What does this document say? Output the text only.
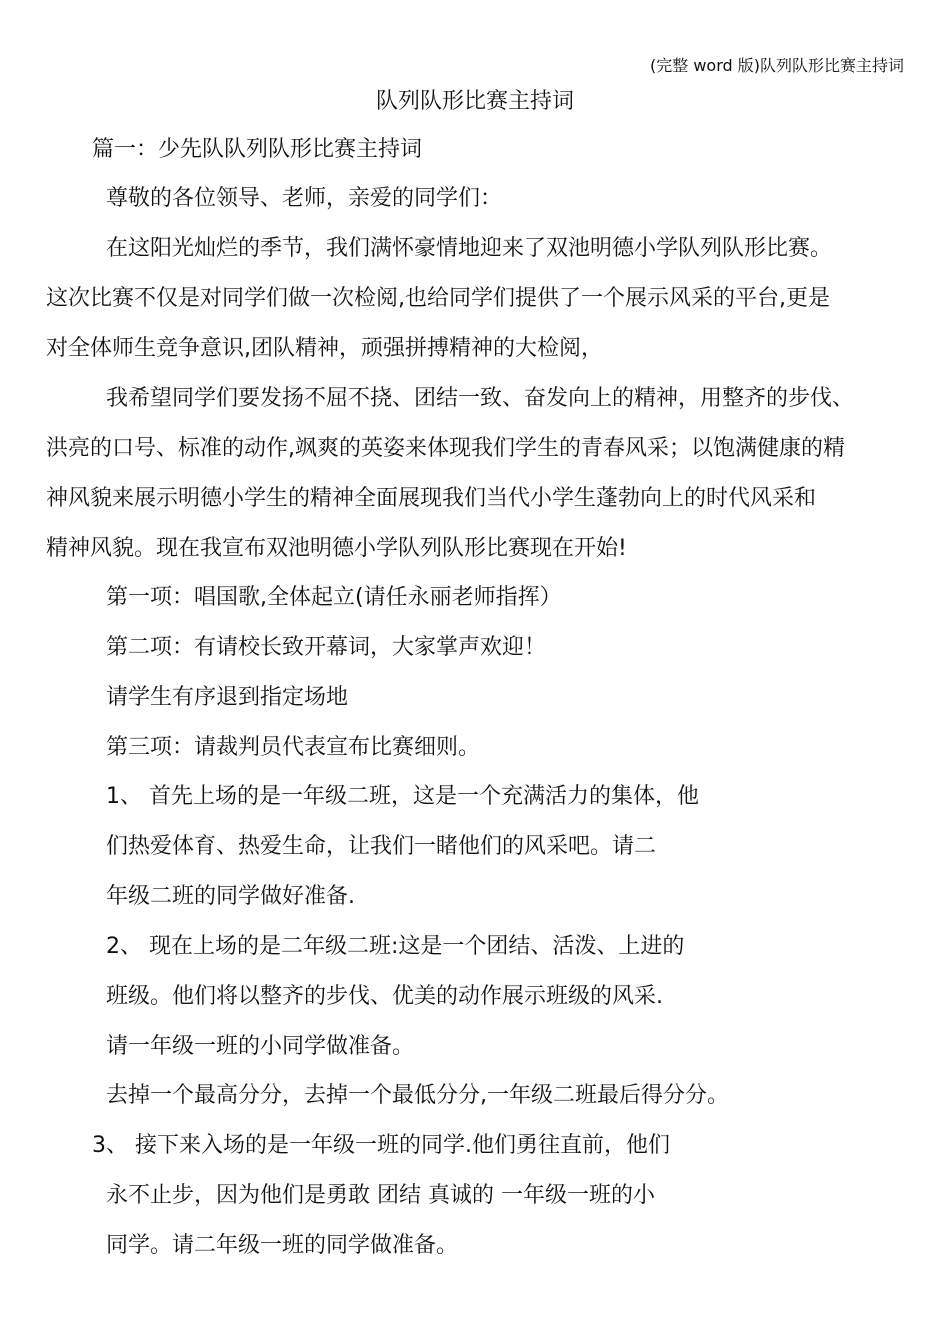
(完整 word 版)队列队形比赛主持词
队列队形比赛主持词
篇一：少先队队列队形比赛主持词
尊敬的各位领导、老师，亲爱的同学们：
在这阳光灿烂的季节，我们满怀豪情地迎来了双池明德小学队列队形比赛。
这次比赛不仅是对同学们做一次检阅,也给同学们提供了一个展示风采的平台,更是
对全体师生竞争意识,团队精神，顽强拼搏精神的大检阅，
我希望同学们要发扬不屈不挠、团结一致、奋发向上的精神，用整齐的步伐、
洪亮的口号、标准的动作,飒爽的英姿来体现我们学生的青春风采；以饱满健康的精
神风貌来展示明德小学生的精神全面展现我们当代小学生蓬勃向上的时代风采和
精神风貌。现在我宣布双池明德小学队列队形比赛现在开始!
第一项：唱国歌,全体起立(请任永丽老师指挥）
第二项：有请校长致开幕词，大家掌声欢迎！
请学生有序退到指定场地
第三项：请裁判员代表宣布比赛细则。
1、 首先上场的是一年级二班，这是一个充满活力的集体，他
们热爱体育、热爱生命，让我们一睹他们的风采吧。请二
年级二班的同学做好准备.
2、 现在上场的是二年级二班:这是一个团结、活泼、上进的
班级。他们将以整齐的步伐、优美的动作展示班级的风采.
请一年级一班的小同学做准备。
去掉一个最高分分，去掉一个最低分分,一年级二班最后得分分。
3、 接下来入场的是一年级一班的同学.他们勇往直前，他们
永不止步，因为他们是勇敢 团结 真诚的 一年级一班的小
同学。请二年级一班的同学做准备。
